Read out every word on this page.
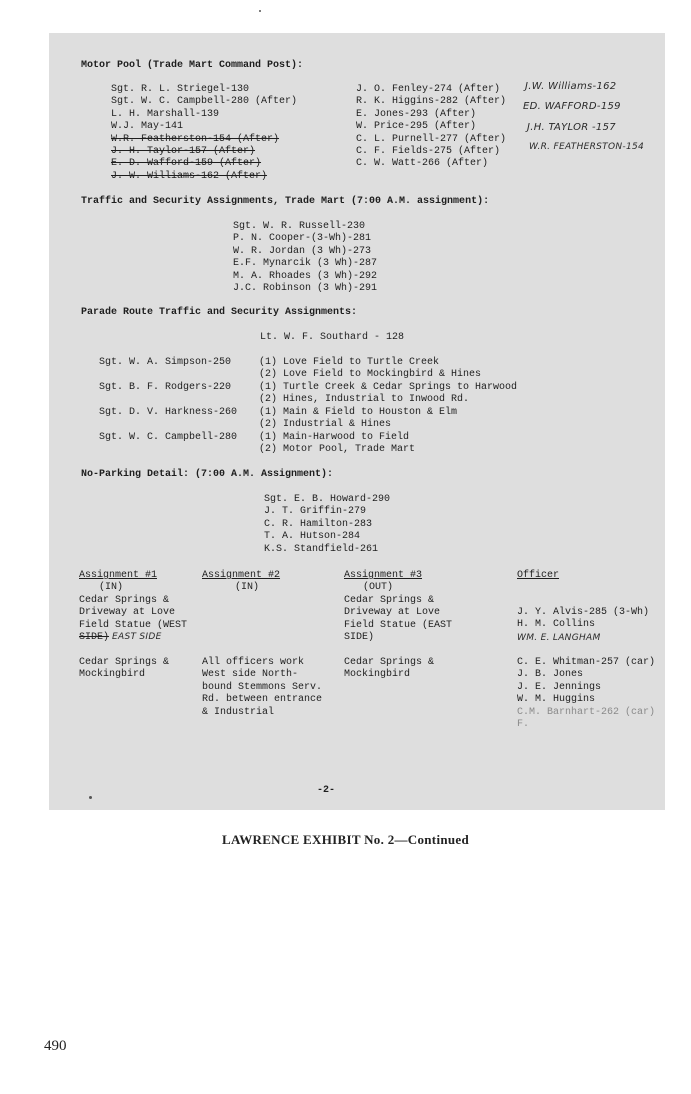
Motor Pool (Trade Mart Command Post):
Sgt. R. L. Striegel-130
Sgt. W. C. Campbell-280 (After)
L. H. Marshall-139
W.J. May-141
W.R. Featherston-154 (After)
J. H. Taylor-157 (After)
E. D. Wafford-159 (After)
J. W. Williams-162 (After)
J. O. Fenley-274 (After)
R. K. Higgins-282 (After)
E. Jones-293 (After)
W. Price-295 (After)
C. L. Purnell-277 (After)
C. F. Fields-275 (After)
C. W. Watt-266 (After)
J.W. Williams-162
ED. WAFFORD-159
J.H. TAYLOR -157
W.R. FEATHERSTON-154
Traffic and Security Assignments, Trade Mart (7:00 A.M. assignment):
Sgt. W. R. Russell-230
P. N. Cooper-(3-Wh)-281
W. R. Jordan (3 Wh)-273
E.F. Mynarcik (3 Wh)-287
M. A. Rhoades (3 Wh)-292
J.C. Robinson (3 Wh)-291
Parade Route Traffic and Security Assignments:
Lt. W. F. Southard - 128
Sgt. W. A. Simpson-250	(1) Love Field to Turtle Creek
(2) Love Field to Mockingbird & Hines
Sgt. B. F. Rodgers-220	(1) Turtle Creek & Cedar Springs to Harwood
(2) Hines, Industrial to Inwood Rd.
Sgt. D. V. Harkness-260 (1) Main & Field to Houston & Elm
(2) Industrial & Hines
Sgt. W. C. Campbell-280 (1) Main-Harwood to Field
(2) Motor Pool, Trade Mart
No-Parking Detail: (7:00 A.M. Assignment):
Sgt. E. B. Howard-290
J. T. Griffin-279
C. R. Hamilton-283
T. A. Hutson-284
K.S. Standfield-261
Assignment #1
(IN)
Assignment #2
(IN)
Assignment #3
(OUT)
Officer
Cedar Springs &
Driveway at Love
Field Statue (WEST
SIDE) EAST SIDE
Cedar Springs &
Driveway at Love
Field Statue (EAST
SIDE)
J. Y. Alvis-285 (3-Wh)
H. M. Collins
WM. E. LANGHAM
Cedar Springs &
Mockingbird
All officers work
West side North-
bound Stemmons Serv.
Rd. between entrance
& Industrial
Cedar Springs &
Mockingbird
C. E. Whitman-257 (car)
J. B. Jones
J. E. Jennings
W. M. Huggins
C.M. Barnhart-262 (car)
F.
-2-
LAWRENCE EXHIBIT No. 2—Continued
490
